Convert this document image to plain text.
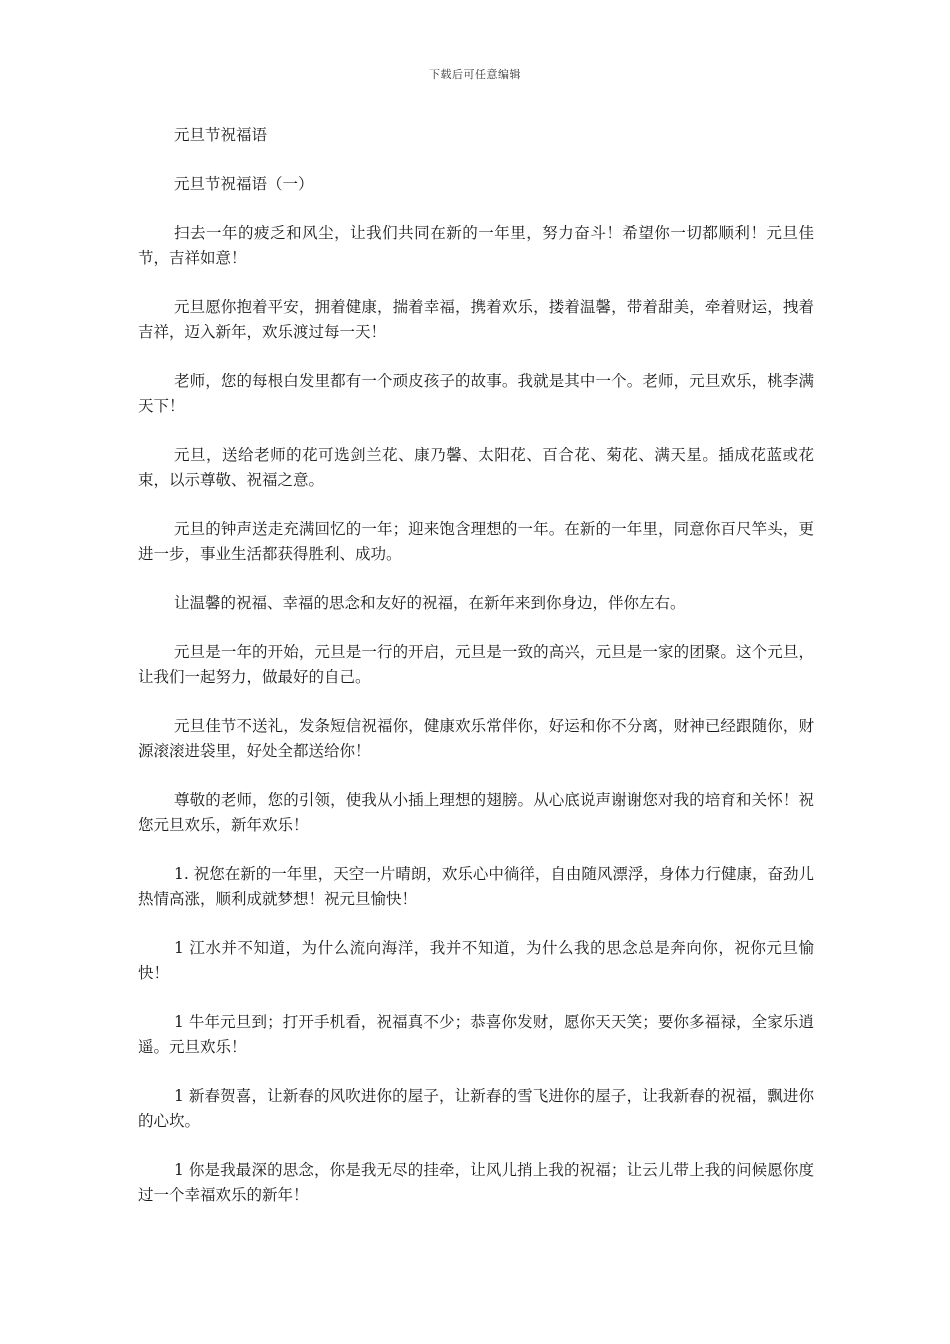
下载后可任意编辑

元旦节祝福语

元旦节祝福语（一）

扫去一年的疲乏和风尘，让我们共同在新的一年里，努力奋斗！希望你一切都顺利！元旦佳节，吉祥如意！

元旦愿你抱着平安，拥着健康，揣着幸福，携着欢乐，搂着温馨，带着甜美，牵着财运，拽着吉祥，迈入新年，欢乐渡过每一天！

老师，您的每根白发里都有一个顽皮孩子的故事。我就是其中一个。老师，元旦欢乐，桃李满天下！

元旦，送给老师的花可选剑兰花、康乃馨、太阳花、百合花、菊花、满天星。插成花蓝或花束，以示尊敬、祝福之意。

元旦的钟声送走充满回忆的一年；迎来饱含理想的一年。在新的一年里，同意你百尺竿头，更进一步，事业生活都获得胜利、成功。

让温馨的祝福、幸福的思念和友好的祝福，在新年来到你身边，伴你左右。

元旦是一年的开始，元旦是一行的开启，元旦是一致的高兴，元旦是一家的团聚。这个元旦，让我们一起努力，做最好的自己。

元旦佳节不送礼，发条短信祝福你，健康欢乐常伴你，好运和你不分离，财神已经跟随你，财源滚滚进袋里，好处全都送给你！

尊敬的老师，您的引领，使我从小插上理想的翅膀。从心底说声谢谢您对我的培育和关怀！祝您元旦欢乐，新年欢乐！

1. 祝您在新的一年里，天空一片晴朗，欢乐心中徜徉，自由随风漂浮，身体力行健康，奋劲儿热情高涨，顺利成就梦想！祝元旦愉快！

1 江水并不知道，为什么流向海洋，我并不知道，为什么我的思念总是奔向你，祝你元旦愉快！

1 牛年元旦到；打开手机看，祝福真不少；恭喜你发财，愿你天天笑；要你多福禄，全家乐逍遥。元旦欢乐！

1 新春贺喜，让新春的风吹进你的屋子，让新春的雪飞进你的屋子，让我新春的祝福，飘进你的心坎。

1 你是我最深的思念，你是我无尽的挂牵，让风儿捎上我的祝福；让云儿带上我的问候愿你度过一个幸福欢乐的新年！
